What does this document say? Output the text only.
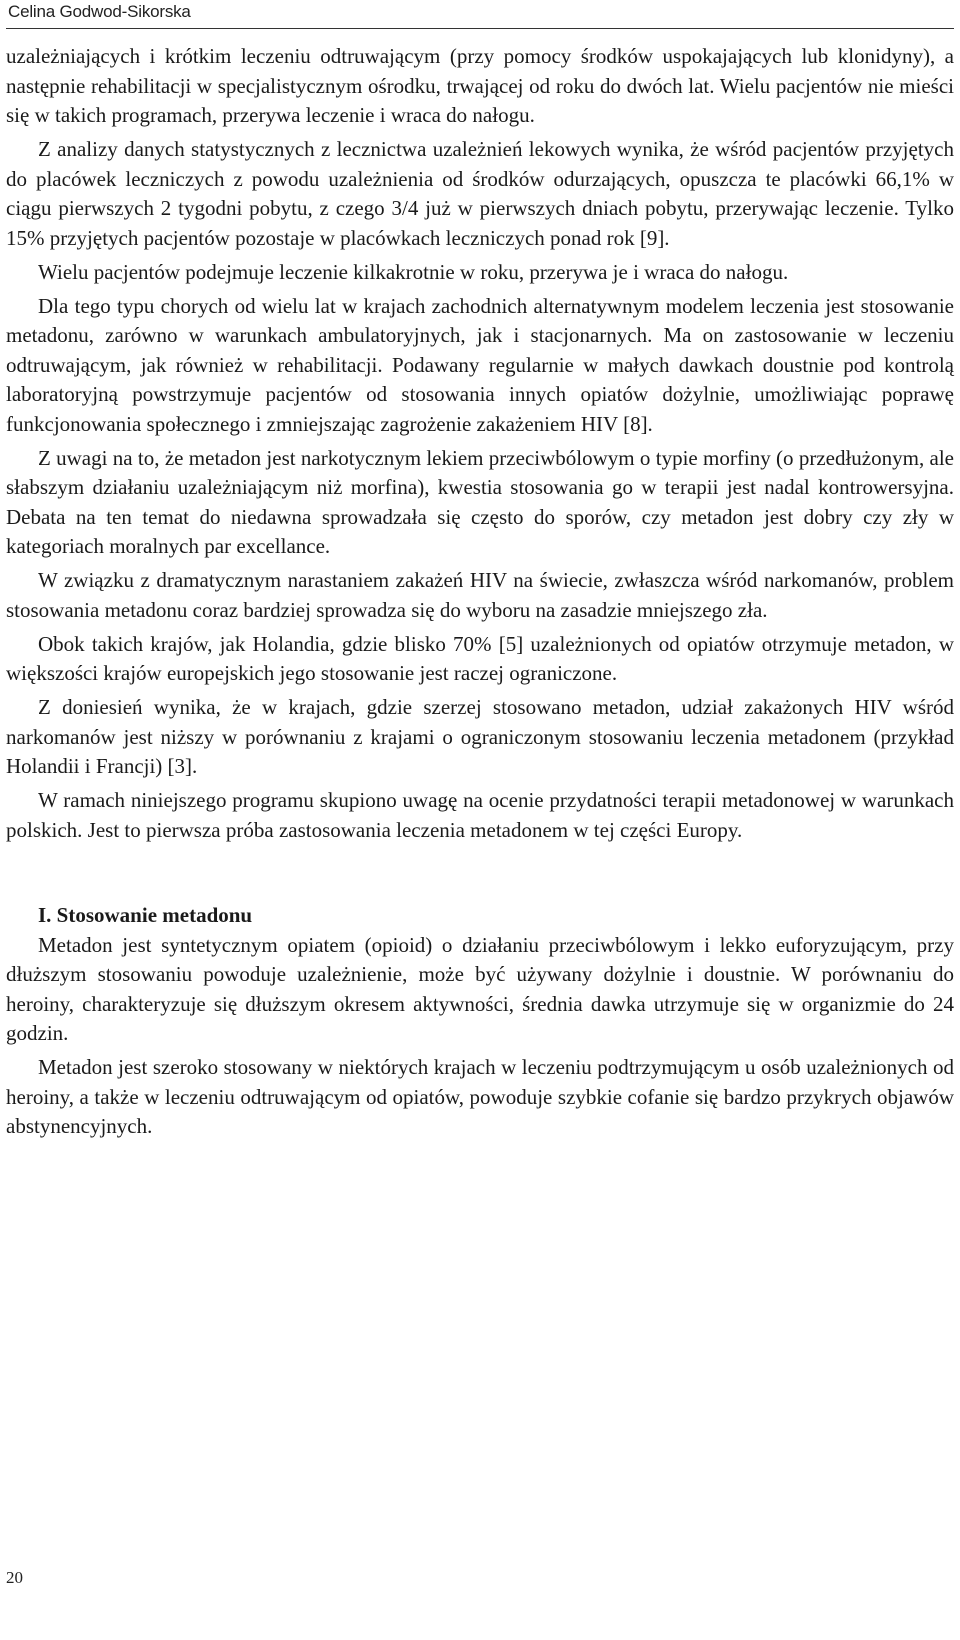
Celina Godwod-Sikorska

uzależniających i krótkim leczeniu odtruwającym (przy pomocy środków uspokajających lub klonidyny), a następnie rehabilitacji w specjalistycznym ośrodku, trwającej od roku do dwóch lat. Wielu pacjentów nie mieści się w takich programach, przerywa leczenie i wraca do nałogu.

Z analizy danych statystycznych z lecznictwa uzależnień lekowych wynika, że wśród pacjentów przyjętych do placówek leczniczych z powodu uzależnienia od środków odurzających, opuszcza te placówki 66,1% w ciągu pierwszych 2 tygodni pobytu, z czego 3/4 już w pierwszych dniach pobytu, przerywając leczenie. Tylko 15% przyjętych pacjentów pozostaje w placówkach leczniczych ponad rok [9].

Wielu pacjentów podejmuje leczenie kilkakrotnie w roku, przerywa je i wraca do nałogu.

Dla tego typu chorych od wielu lat w krajach zachodnich alternatywnym modelem leczenia jest stosowanie metadonu, zarówno w warunkach ambulatoryjnych, jak i stacjonarnych. Ma on zastosowanie w leczeniu odtruwającym, jak również w rehabilitacji. Podawany regularnie w małych dawkach doustnie pod kontrolą laboratoryjną powstrzymuje pacjentów od stosowania innych opiatów dożylnie, umożliwiając poprawę funkcjonowania społecznego i zmniejszając zagrożenie zakażeniem HIV [8].

Z uwagi na to, że metadon jest narkotycznym lekiem przeciwbólowym o typie morfiny (o przedłużonym, ale słabszym działaniu uzależniającym niż morfina), kwestia stosowania go w terapii jest nadal kontrowersyjna. Debata na ten temat do niedawna sprowadzała się często do sporów, czy metadon jest dobry czy zły w kategoriach moralnych par excellance.

W związku z dramatycznym narastaniem zakażeń HIV na świecie, zwłaszcza wśród narkomanów, problem stosowania metadonu coraz bardziej sprowadza się do wyboru na zasadzie mniejszego zła.

Obok takich krajów, jak Holandia, gdzie blisko 70% [5] uzależnionych od opiatów otrzymuje metadon, w większości krajów europejskich jego stosowanie jest raczej ograniczone.

Z doniesień wynika, że w krajach, gdzie szerzej stosowano metadon, udział zakażonych HIV wśród narkomanów jest niższy w porównaniu z krajami o ograniczonym stosowaniu leczenia metadonem (przykład Holandii i Francji) [3].

W ramach niniejszego programu skupiono uwagę na ocenie przydatności terapii metadonowej w warunkach polskich. Jest to pierwsza próba zastosowania leczenia metadonem w tej części Europy.

I. Stosowanie metadonu

Metadon jest syntetycznym opiatem (opioid) o działaniu przeciwbólowym i lekko euforyzującym, przy dłuższym stosowaniu powoduje uzależnienie, może być używany dożylnie i doustnie. W porównaniu do heroiny, charakteryzuje się dłuższym okresem aktywności, średnia dawka utrzymuje się w organizmie do 24 godzin.

Metadon jest szeroko stosowany w niektórych krajach w leczeniu podtrzymującym u osób uzależnionych od heroiny, a także w leczeniu odtruwającym od opiatów, powoduje szybkie cofanie się bardzo przykrych objawów abstynencyjnych.

20
